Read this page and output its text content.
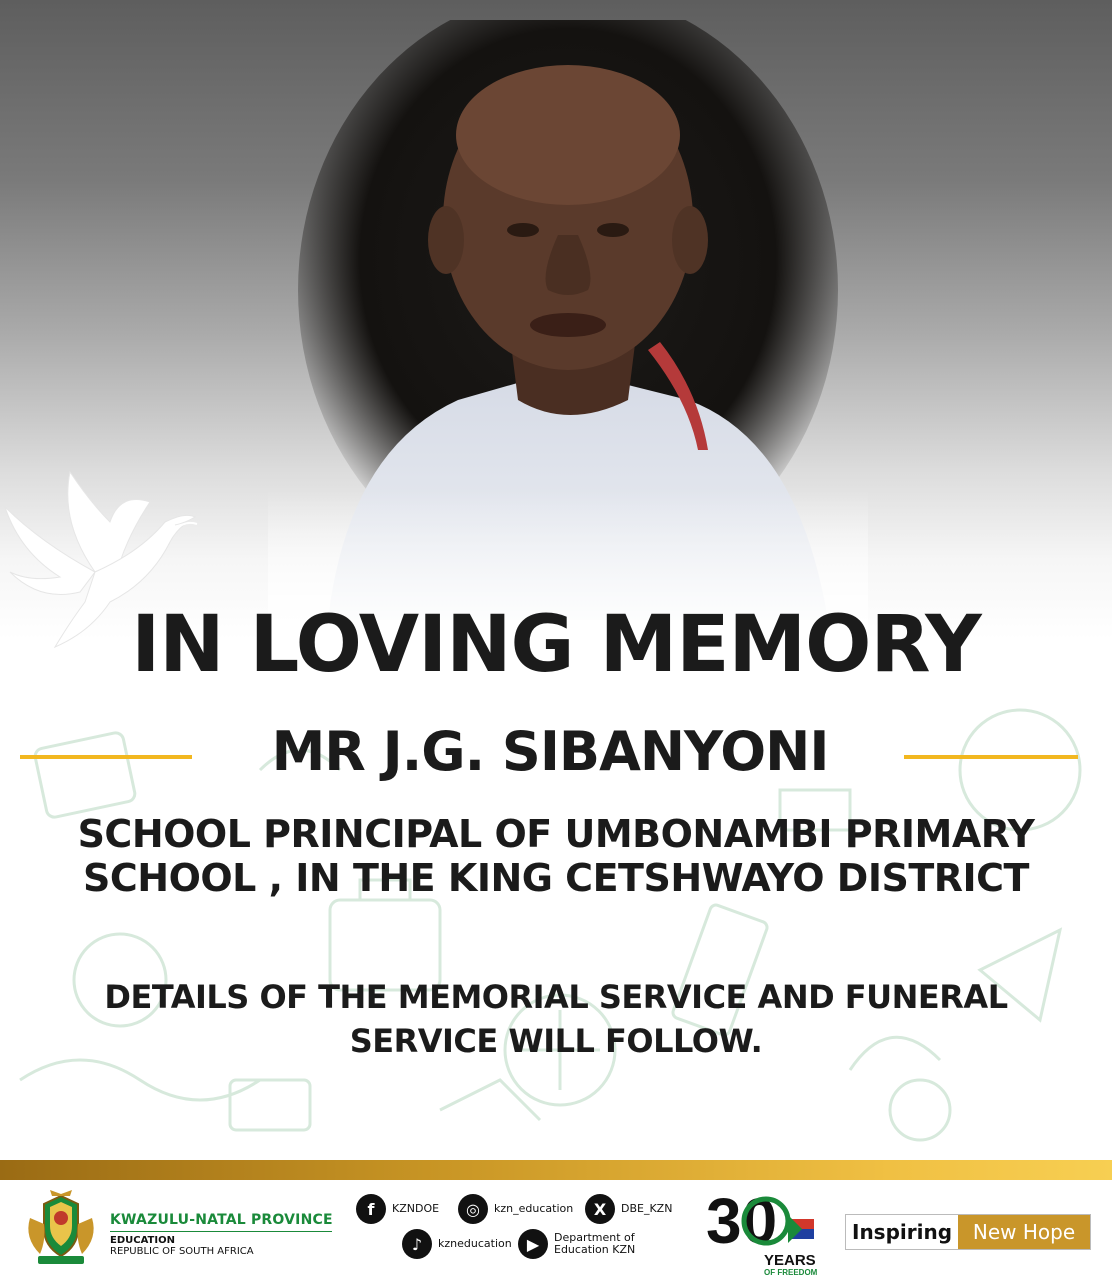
IN LOVING MEMORY
MR J.G. SIBANYONI
SCHOOL PRINCIPAL OF UMBONAMBI PRIMARY
SCHOOL , IN THE KING CETSHWAYO DISTRICT
DETAILS OF THE MEMORIAL SERVICE AND FUNERAL
SERVICE WILL FOLLOW.
KWAZULU-NATAL PROVINCE
EDUCATION
REPUBLIC OF SOUTH AFRICA
f	KZNDOE	◎	kzn_education	X	DBE_KZN
♪	kzneducation ▶	Department of
Education KZN 30
YEARS
OF FREEDOM
Inspiring	New Hope
